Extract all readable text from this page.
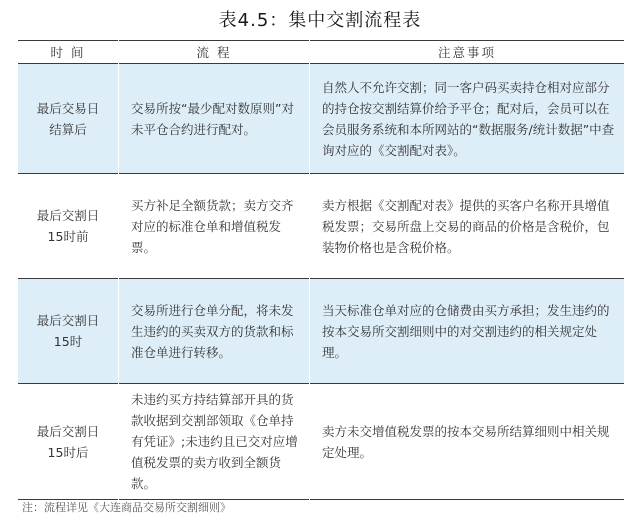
表4.5：集中交割流程表
时 间	流 程	注意事项

最后交易日结算后	交易所按“最少配对数原则”对未平仓合约进行配对。	自然人不允许交割；同一客户码买卖持仓相对应部分的持仓按交割结算价给予平仓；配对后，会员可以在会员服务系统和本所网站的“数据服务/统计数据”中查询对应的《交割配对表》。

最后交割日15时前	买方补足全额货款；卖方交齐对应的标准仓单和增值税发票。	卖方根据《交割配对表》提供的买客户名称开具增值税发票；交易所盘上交易的商品的价格是含税价，包装物价格也是含税价格。

最后交割日15时	交易所进行仓单分配，将未发生违约的买卖双方的货款和标准仓单进行转移。	当天标准仓单对应的仓储费由买方承担；发生违约的按本交易所交割细则中的对交割违约的相关规定处理。

最后交割日15时后	未违约买方持结算部开具的货款收据到交割部领取《仓单持有凭证》;未违约且已交对应增值税发票的卖方收到全额货款。	卖方未交增值税发票的按本交易所结算细则中相关规定处理。
注：流程详见《大连商品交易所交割细则》
